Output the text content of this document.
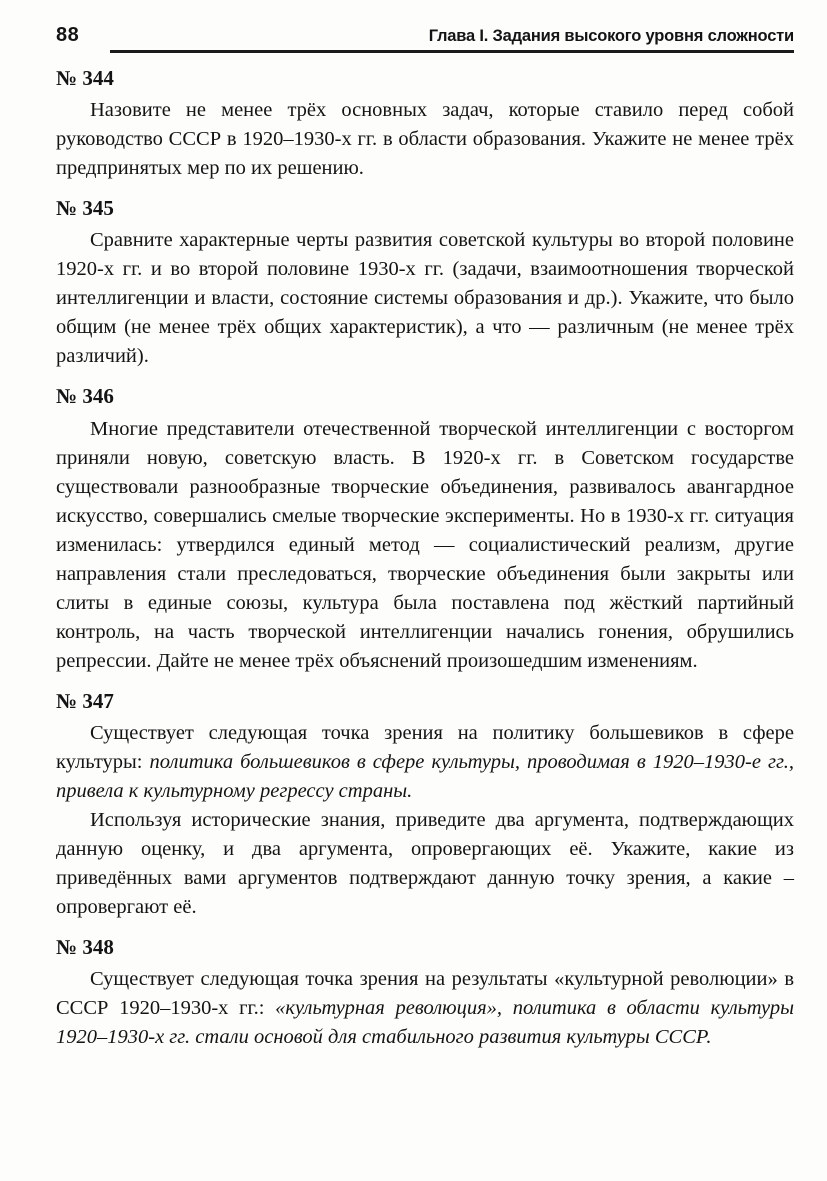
88	Глава I. Задания высокого уровня сложности
№ 344

Назовите не менее трёх основных задач, которые ставило перед собой руководство СССР в 1920–1930-х гг. в области образования. Укажите не менее трёх предпринятых мер по их решению.

№ 345

Сравните характерные черты развития советской культуры во второй половине 1920-х гг. и во второй половине 1930-х гг. (задачи, взаимоотношения творческой интеллигенции и власти, состояние системы образования и др.). Укажите, что было общим (не менее трёх общих характеристик), а что — различным (не менее трёх различий).

№ 346

Многие представители отечественной творческой интеллигенции с восторгом приняли новую, советскую власть. В 1920-х гг. в Советском государстве существовали разнообразные творческие объединения, развивалось авангардное искусство, совершались смелые творческие эксперименты. Но в 1930-х гг. ситуация изменилась: утвердился единый метод — социалистический реализм, другие направления стали преследоваться, творческие объединения были закрыты или слиты в единые союзы, культура была поставлена под жёсткий партийный контроль, на часть творческой интеллигенции начались гонения, обрушились репрессии. Дайте не менее трёх объяснений произошедшим изменениям.

№ 347

Существует следующая точка зрения на политику большевиков в сфере культуры: политика большевиков в сфере культуры, проводимая в 1920–1930-е гг., привела к культурному регрессу страны.

Используя исторические знания, приведите два аргумента, подтверждающих данную оценку, и два аргумента, опровергающих её. Укажите, какие из приведённых вами аргументов подтверждают данную точку зрения, а какие – опровергают её.

№ 348

Существует следующая точка зрения на результаты «культурной революции» в СССР 1920–1930-х гг.: «культурная революция», политика в области культуры 1920–1930-х гг. стали основой для стабильного развития культуры СССР.
